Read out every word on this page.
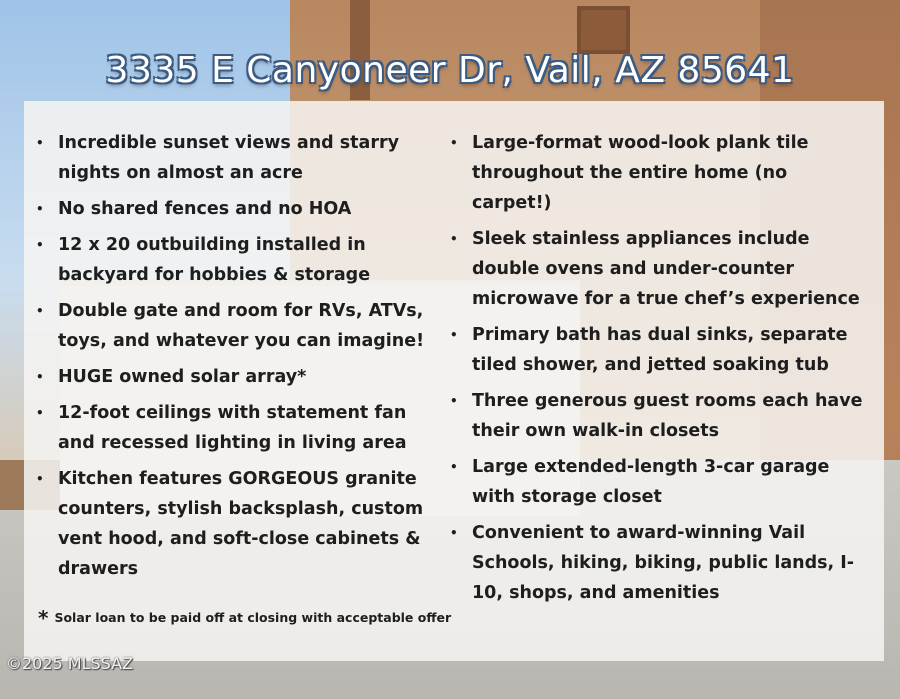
3335 E Canyoneer Dr, Vail, AZ 85641
• Incredible sunset views and starry nights on almost an acre
• No shared fences and no HOA
• 12 x 20 outbuilding installed in backyard for hobbies & storage
• Double gate and room for RVs, ATVs, toys, and whatever you can imagine!
• HUGE owned solar array*
• 12-foot ceilings with statement fan and recessed lighting in living area
• Kitchen features GORGEOUS granite counters, stylish backsplash, custom vent hood, and soft-close cabinets & drawers
• Large-format wood-look plank tile throughout the entire home (no carpet!)
• Sleek stainless appliances include double ovens and under-counter microwave for a true chef’s experience
• Primary bath has dual sinks, separate tiled shower, and jetted soaking tub
• Three generous guest rooms each have their own walk-in closets
• Large extended-length 3-car garage with storage closet
• Convenient to award-winning Vail Schools, hiking, biking, public lands, I-10, shops, and amenities
* Solar loan to be paid off at closing with acceptable offer
©2025 MLSSAZ
